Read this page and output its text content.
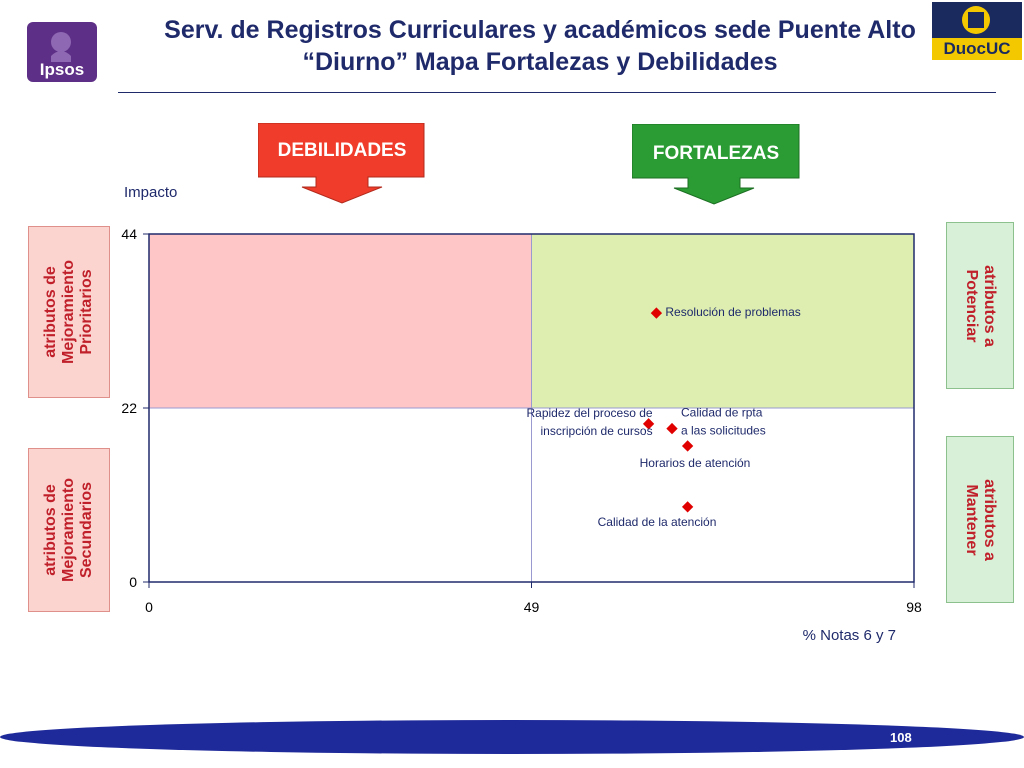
Ipsos
DuocUC
Serv. de Registros Curriculares y académicos sede Puente Alto
“Diurno” Mapa Fortalezas y Debilidades
DEBILIDADES	FORTALEZAS
atributos de
Mejoramiento
Prioritarios
atributos de
Mejoramiento
Secundarios
atributos a
Potenciar
atributos a
Mantener
0	49	98
0
22
44
Impacto
% Notas 6 y 7
Resolución de problemas
Rapidez del proceso de inscripción de cursos
Calidad de rpta a las solicitudes
Horarios de atención
Calidad de la atención
108
